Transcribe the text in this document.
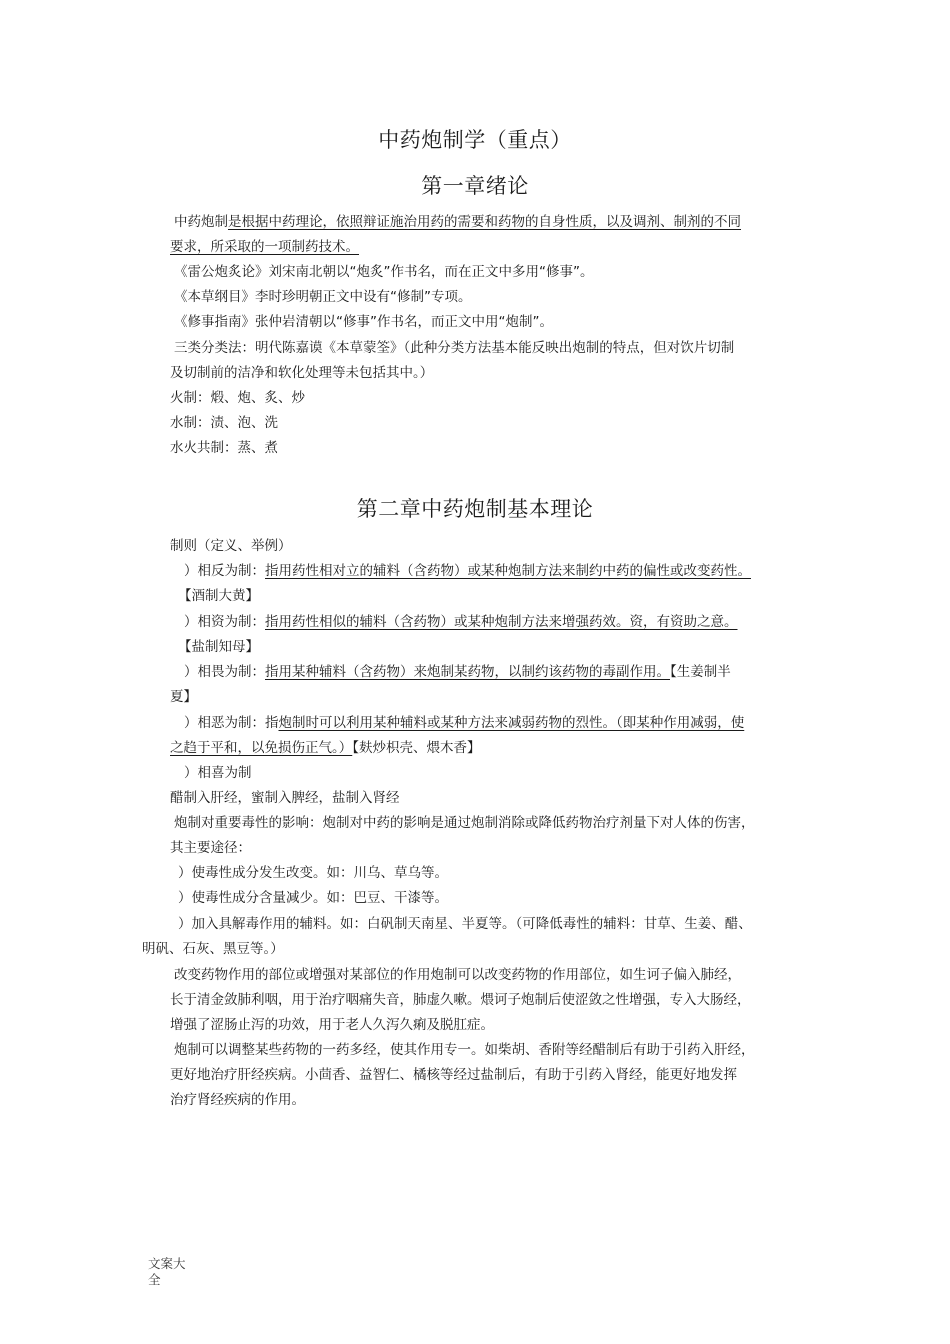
中药炮制学（重点）
第一章绪论
中药炮制是根据中药理论，依照辩证施治用药的需要和药物的自身性质，以及调剂、制剂的不同
要求，所采取的一项制药技术。
《雷公炮炙论》刘宋南北朝以“炮炙”作书名，而在正文中多用“修事”。
《本草纲目》李时珍明朝正文中设有“修制”专项。
《修事指南》张仲岩清朝以“修事”作书名，而正文中用“炮制”。
三类分类法：明代陈嘉谟《本草蒙筌》（此种分类方法基本能反映出炮制的特点，但对饮片切制
及切制前的洁净和软化处理等未包括其中。）
火制：煅、炮、炙、炒
水制：渍、泡、洗
水火共制：蒸、煮
第二章中药炮制基本理论
制则（定义、举例）
）相反为制：指用药性相对立的辅料（含药物）或某种炮制方法来制约中药的偏性或改变药性。
【酒制大黄】
）相资为制：指用药性相似的辅料（含药物）或某种炮制方法来增强药效。资，有资助之意。
【盐制知母】
）相畏为制：指用某种辅料（含药物）来炮制某药物，以制约该药物的毒副作用。【生姜制半
夏】
）相恶为制：指炮制时可以利用某种辅料或某种方法来减弱药物的烈性。（即某种作用减弱，使
之趋于平和，以免损伤正气。）【麸炒枳壳、煨木香】
）相喜为制
醋制入肝经，蜜制入脾经，盐制入肾经
炮制对重要毒性的影响：炮制对中药的影响是通过炮制消除或降低药物治疗剂量下对人体的伤害，
其主要途径：
）使毒性成分发生改变。如：川乌、草乌等。
）使毒性成分含量减少。如：巴豆、干漆等。
）加入具解毒作用的辅料。如：白矾制天南星、半夏等。（可降低毒性的辅料：甘草、生姜、醋、
明矾、石灰、黑豆等。）
改变药物作用的部位或增强对某部位的作用炮制可以改变药物的作用部位，如生诃子偏入肺经，
长于清金敛肺利咽，用于治疗咽痛失音，肺虚久嗽。煨诃子炮制后使涩敛之性增强，专入大肠经，
增强了涩肠止泻的功效，用于老人久泻久痢及脱肛症。
炮制可以调整某些药物的一药多经，使其作用专一。如柴胡、香附等经醋制后有助于引药入肝经，
更好地治疗肝经疾病。小茴香、益智仁、橘核等经过盐制后，有助于引药入肾经，能更好地发挥
治疗肾经疾病的作用。
文案大全
